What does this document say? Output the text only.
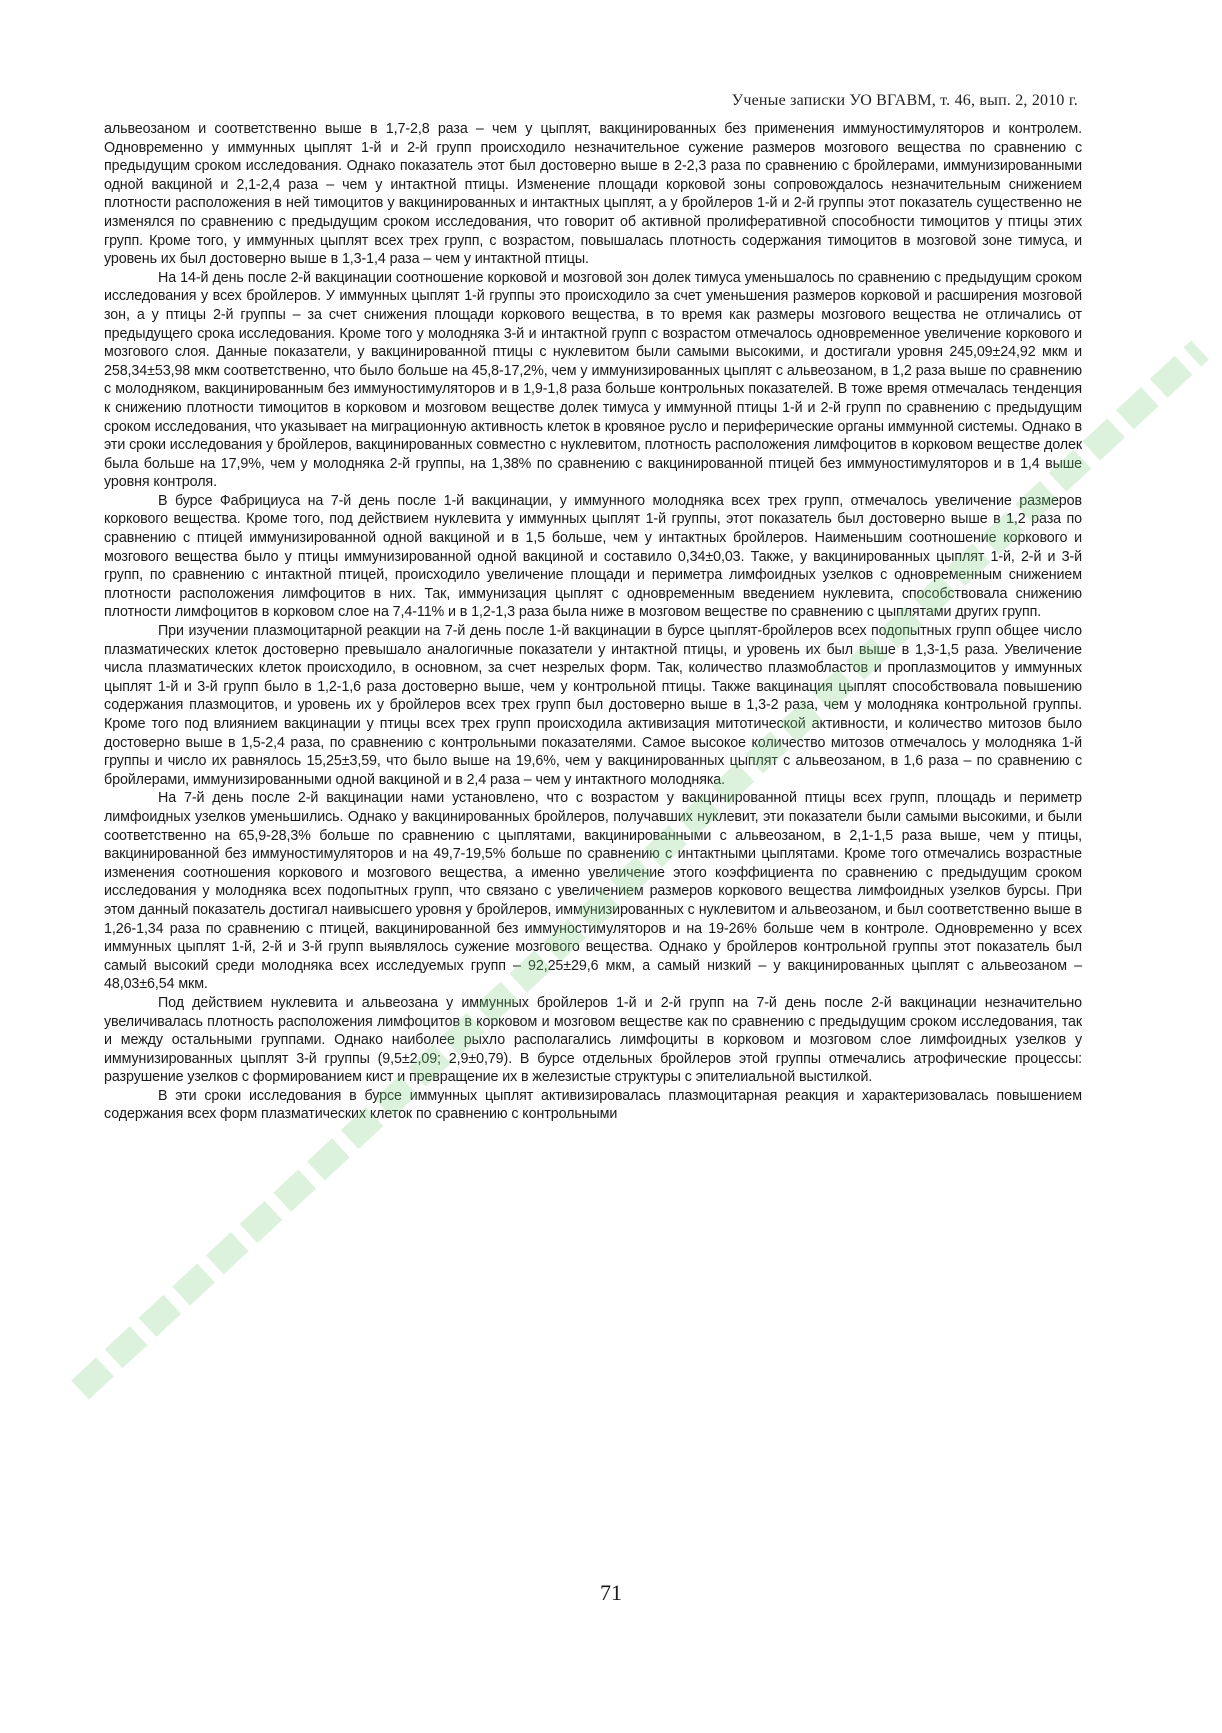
Ученые записки УО ВГАВМ, т. 46, вып. 2, 2010 г.

альвеозаном и соответственно выше в 1,7-2,8 раза – чем у цыплят, вакцинированных без применения иммуностимуляторов и контролем. Одновременно у иммунных цыплят 1-й и 2-й групп происходило незначительное сужение размеров мозгового вещества по сравнению с предыдущим сроком исследования. Однако показатель этот был достоверно выше в 2-2,3 раза по сравнению с бройлерами, иммунизированными одной вакциной и 2,1-2,4 раза – чем у интактной птицы. Изменение площади корковой зоны сопровождалось незначительным снижением плотности расположения в ней тимоцитов у вакцинированных и интактных цыплят, а у бройлеров 1-й и 2-й группы этот показатель существенно не изменялся по сравнению с предыдущим сроком исследования, что говорит об активной пролиферативной способности тимоцитов у птицы этих групп. Кроме того, у иммунных цыплят всех трех групп, с возрастом, повышалась плотность содержания тимоцитов в мозговой зоне тимуса, и уровень их был достоверно выше в 1,3-1,4 раза – чем у интактной птицы.

На 14-й день после 2-й вакцинации соотношение корковой и мозговой зон долек тимуса уменьшалось по сравнению с предыдущим сроком исследования у всех бройлеров. У иммунных цыплят 1-й группы это происходило за счет уменьшения размеров корковой и расширения мозговой зон, а у птицы 2-й группы – за счет снижения площади коркового вещества, в то время как размеры мозгового вещества не отличались от предыдущего срока исследования. Кроме того у молодняка 3-й и интактной групп с возрастом отмечалось одновременное увеличение коркового и мозгового слоя. Данные показатели, у вакцинированной птицы с нуклевитом были самыми высокими, и достигали уровня 245,09±24,92 мкм и 258,34±53,98 мкм соответственно, что было больше на 45,8-17,2%, чем у иммунизированных цыплят с альвеозаном, в 1,2 раза выше по сравнению с молодняком, вакцинированным без иммуностимуляторов и в 1,9-1,8 раза больше контрольных показателей. В тоже время отмечалась тенденция к снижению плотности тимоцитов в корковом и мозговом веществе долек тимуса у иммунной птицы 1-й и 2-й групп по сравнению с предыдущим сроком исследования, что указывает на миграционную активность клеток в кровяное русло и периферические органы иммунной системы. Однако в эти сроки исследования у бройлеров, вакцинированных совместно с нуклевитом, плотность расположения лимфоцитов в корковом веществе долек была больше на 17,9%, чем у молодняка 2-й группы, на 1,38% по сравнению с вакцинированной птицей без иммуностимуляторов и в 1,4 выше уровня контроля.

В бурсе Фабрициуса на 7-й день после 1-й вакцинации, у иммунного молодняка всех трех групп, отмечалось увеличение размеров коркового вещества. Кроме того, под действием нуклевита у иммунных цыплят 1-й группы, этот показатель был достоверно выше в 1,2 раза по сравнению с птицей иммунизированной одной вакциной и в 1,5 больше, чем у интактных бройлеров. Наименьшим соотношение коркового и мозгового вещества было у птицы иммунизированной одной вакциной и составило 0,34±0,03. Также, у вакцинированных цыплят 1-й, 2-й и 3-й групп, по сравнению с интактной птицей, происходило увеличение площади и периметра лимфоидных узелков с одновременным снижением плотности расположения лимфоцитов в них. Так, иммунизация цыплят с одновременным введением нуклевита, способствовала снижению плотности лимфоцитов в корковом слое на 7,4-11% и в 1,2-1,3 раза была ниже в мозговом веществе по сравнению с цыплятами других групп.

При изучении плазмоцитарной реакции на 7-й день после 1-й вакцинации в бурсе цыплят-бройлеров всех подопытных групп общее число плазматических клеток достоверно превышало аналогичные показатели у интактной птицы, и уровень их был выше в 1,3-1,5 раза. Увеличение числа плазматических клеток происходило, в основном, за счет незрелых форм. Так, количество плазмобластов и проплазмоцитов у иммунных цыплят 1-й и 3-й групп было в 1,2-1,6 раза достоверно выше, чем у контрольной птицы. Также вакцинация цыплят способствовала повышению содержания плазмоцитов, и уровень их у бройлеров всех трех групп был достоверно выше в 1,3-2 раза, чем у молодняка контрольной группы. Кроме того под влиянием вакцинации у птицы всех трех групп происходила активизация митотической активности, и количество митозов было достоверно выше в 1,5-2,4 раза, по сравнению с контрольными показателями. Самое высокое количество митозов отмечалось у молодняка 1-й группы и число их равнялось 15,25±3,59, что было выше на 19,6%, чем у вакцинированных цыплят с альвеозаном, в 1,6 раза – по сравнению с бройлерами, иммунизированными одной вакциной и в 2,4 раза – чем у интактного молодняка.

На 7-й день после 2-й вакцинации нами установлено, что с возрастом у вакцинированной птицы всех групп, площадь и периметр лимфоидных узелков уменьшились. Однако у вакцинированных бройлеров, получавших нуклевит, эти показатели были самыми высокими, и были соответственно на 65,9-28,3% больше по сравнению с цыплятами, вакцинированными с альвеозаном, в 2,1-1,5 раза выше, чем у птицы, вакцинированной без иммуностимуляторов и на 49,7-19,5% больше по сравнению с интактными цыплятами. Кроме того отмечались возрастные изменения соотношения коркового и мозгового вещества, а именно увеличение этого коэффициента по сравнению с предыдущим сроком исследования у молодняка всех подопытных групп, что связано с увеличением размеров коркового вещества лимфоидных узелков бурсы. При этом данный показатель достигал наивысшего уровня у бройлеров, иммунизированных с нуклевитом и альвеозаном, и был соответственно выше в 1,26-1,34 раза по сравнению с птицей, вакцинированной без иммуностимуляторов и на 19-26% больше чем в контроле. Одновременно у всех иммунных цыплят 1-й, 2-й и 3-й групп выявлялось сужение мозгового вещества. Однако у бройлеров контрольной группы этот показатель был самый высокий среди молодняка всех исследуемых групп – 92,25±29,6 мкм, а самый низкий – у вакцинированных цыплят с альвеозаном – 48,03±6,54 мкм.

Под действием нуклевита и альвеозана у иммунных бройлеров 1-й и 2-й групп на 7-й день после 2-й вакцинации незначительно увеличивалась плотность расположения лимфоцитов в корковом и мозговом веществе как по сравнению с предыдущим сроком исследования, так и между остальными группами. Однако наиболее рыхло располагались лимфоциты в корковом и мозговом слое лимфоидных узелков у иммунизированных цыплят 3-й группы (9,5±2,09; 2,9±0,79). В бурсе отдельных бройлеров этой группы отмечались атрофические процессы: разрушение узелков с формированием кист и превращение их в железистые структуры с эпителиальной выстилкой.

В эти сроки исследования в бурсе иммунных цыплят активизировалась плазмоцитарная реакция и характеризовалась повышением содержания всех форм плазматических клеток по сравнению с контрольными

71
